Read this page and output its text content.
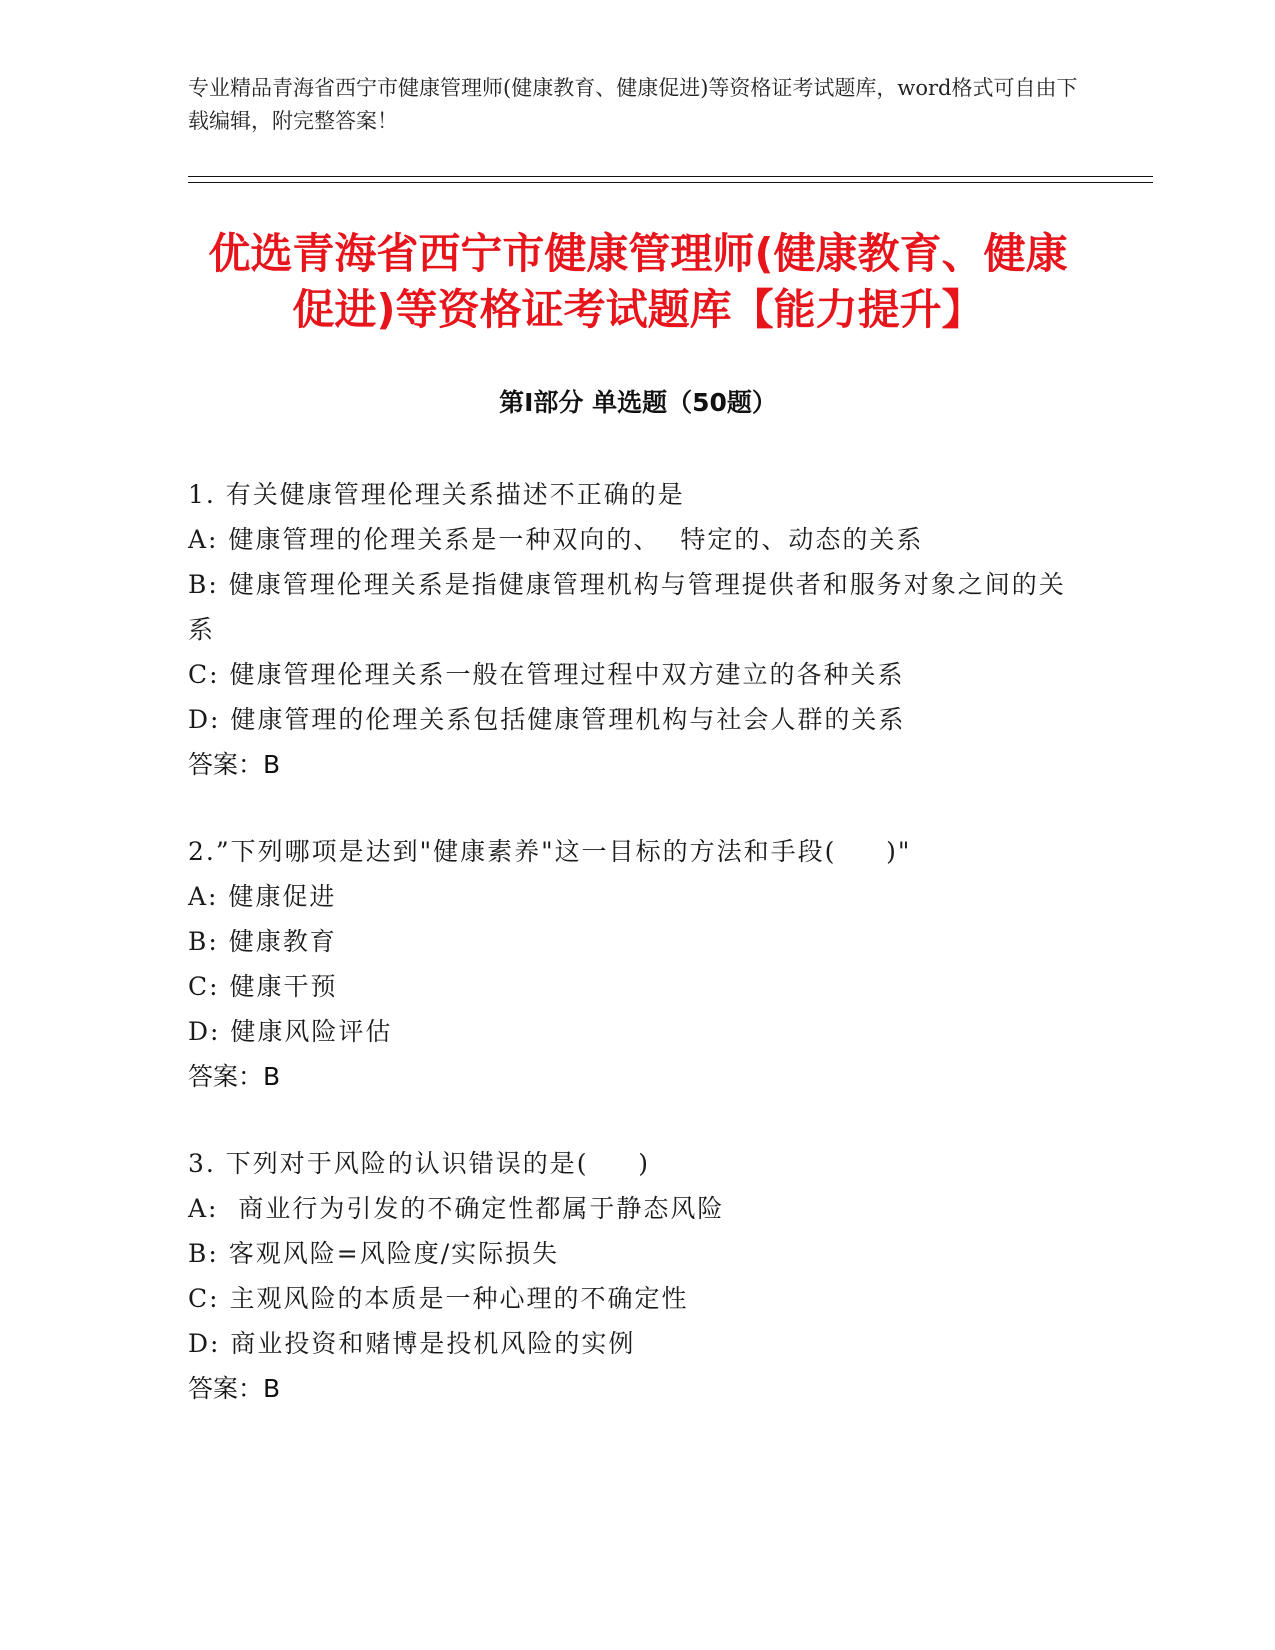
专业精品青海省西宁市健康管理师(健康教育、健康促进)等资格证考试题库，word格式可自由下载编辑，附完整答案！

优选青海省西宁市健康管理师(健康教育、健康促进)等资格证考试题库【能力提升】
第Ⅰ部分 单选题（50题）

1. 有关健康管理伦理关系描述不正确的是

A: 健康管理的伦理关系是一种双向的、  特定的、动态的关系

B: 健康管理伦理关系是指健康管理机构与管理提供者和服务对象之间的关系

C: 健康管理伦理关系一般在管理过程中双方建立的各种关系

D: 健康管理的伦理关系包括健康管理机构与社会人群的关系

答案：B

2.”下列哪项是达到"健康素养"这一目标的方法和手段(     )"

A: 健康促进

B: 健康教育

C: 健康干预

D: 健康风险评估

答案：B

3. 下列对于风险的认识错误的是(     )

A:  商业行为引发的不确定性都属于静态风险

B: 客观风险=风险度/实际损失

C: 主观风险的本质是一种心理的不确定性

D: 商业投资和赌博是投机风险的实例

答案：B
